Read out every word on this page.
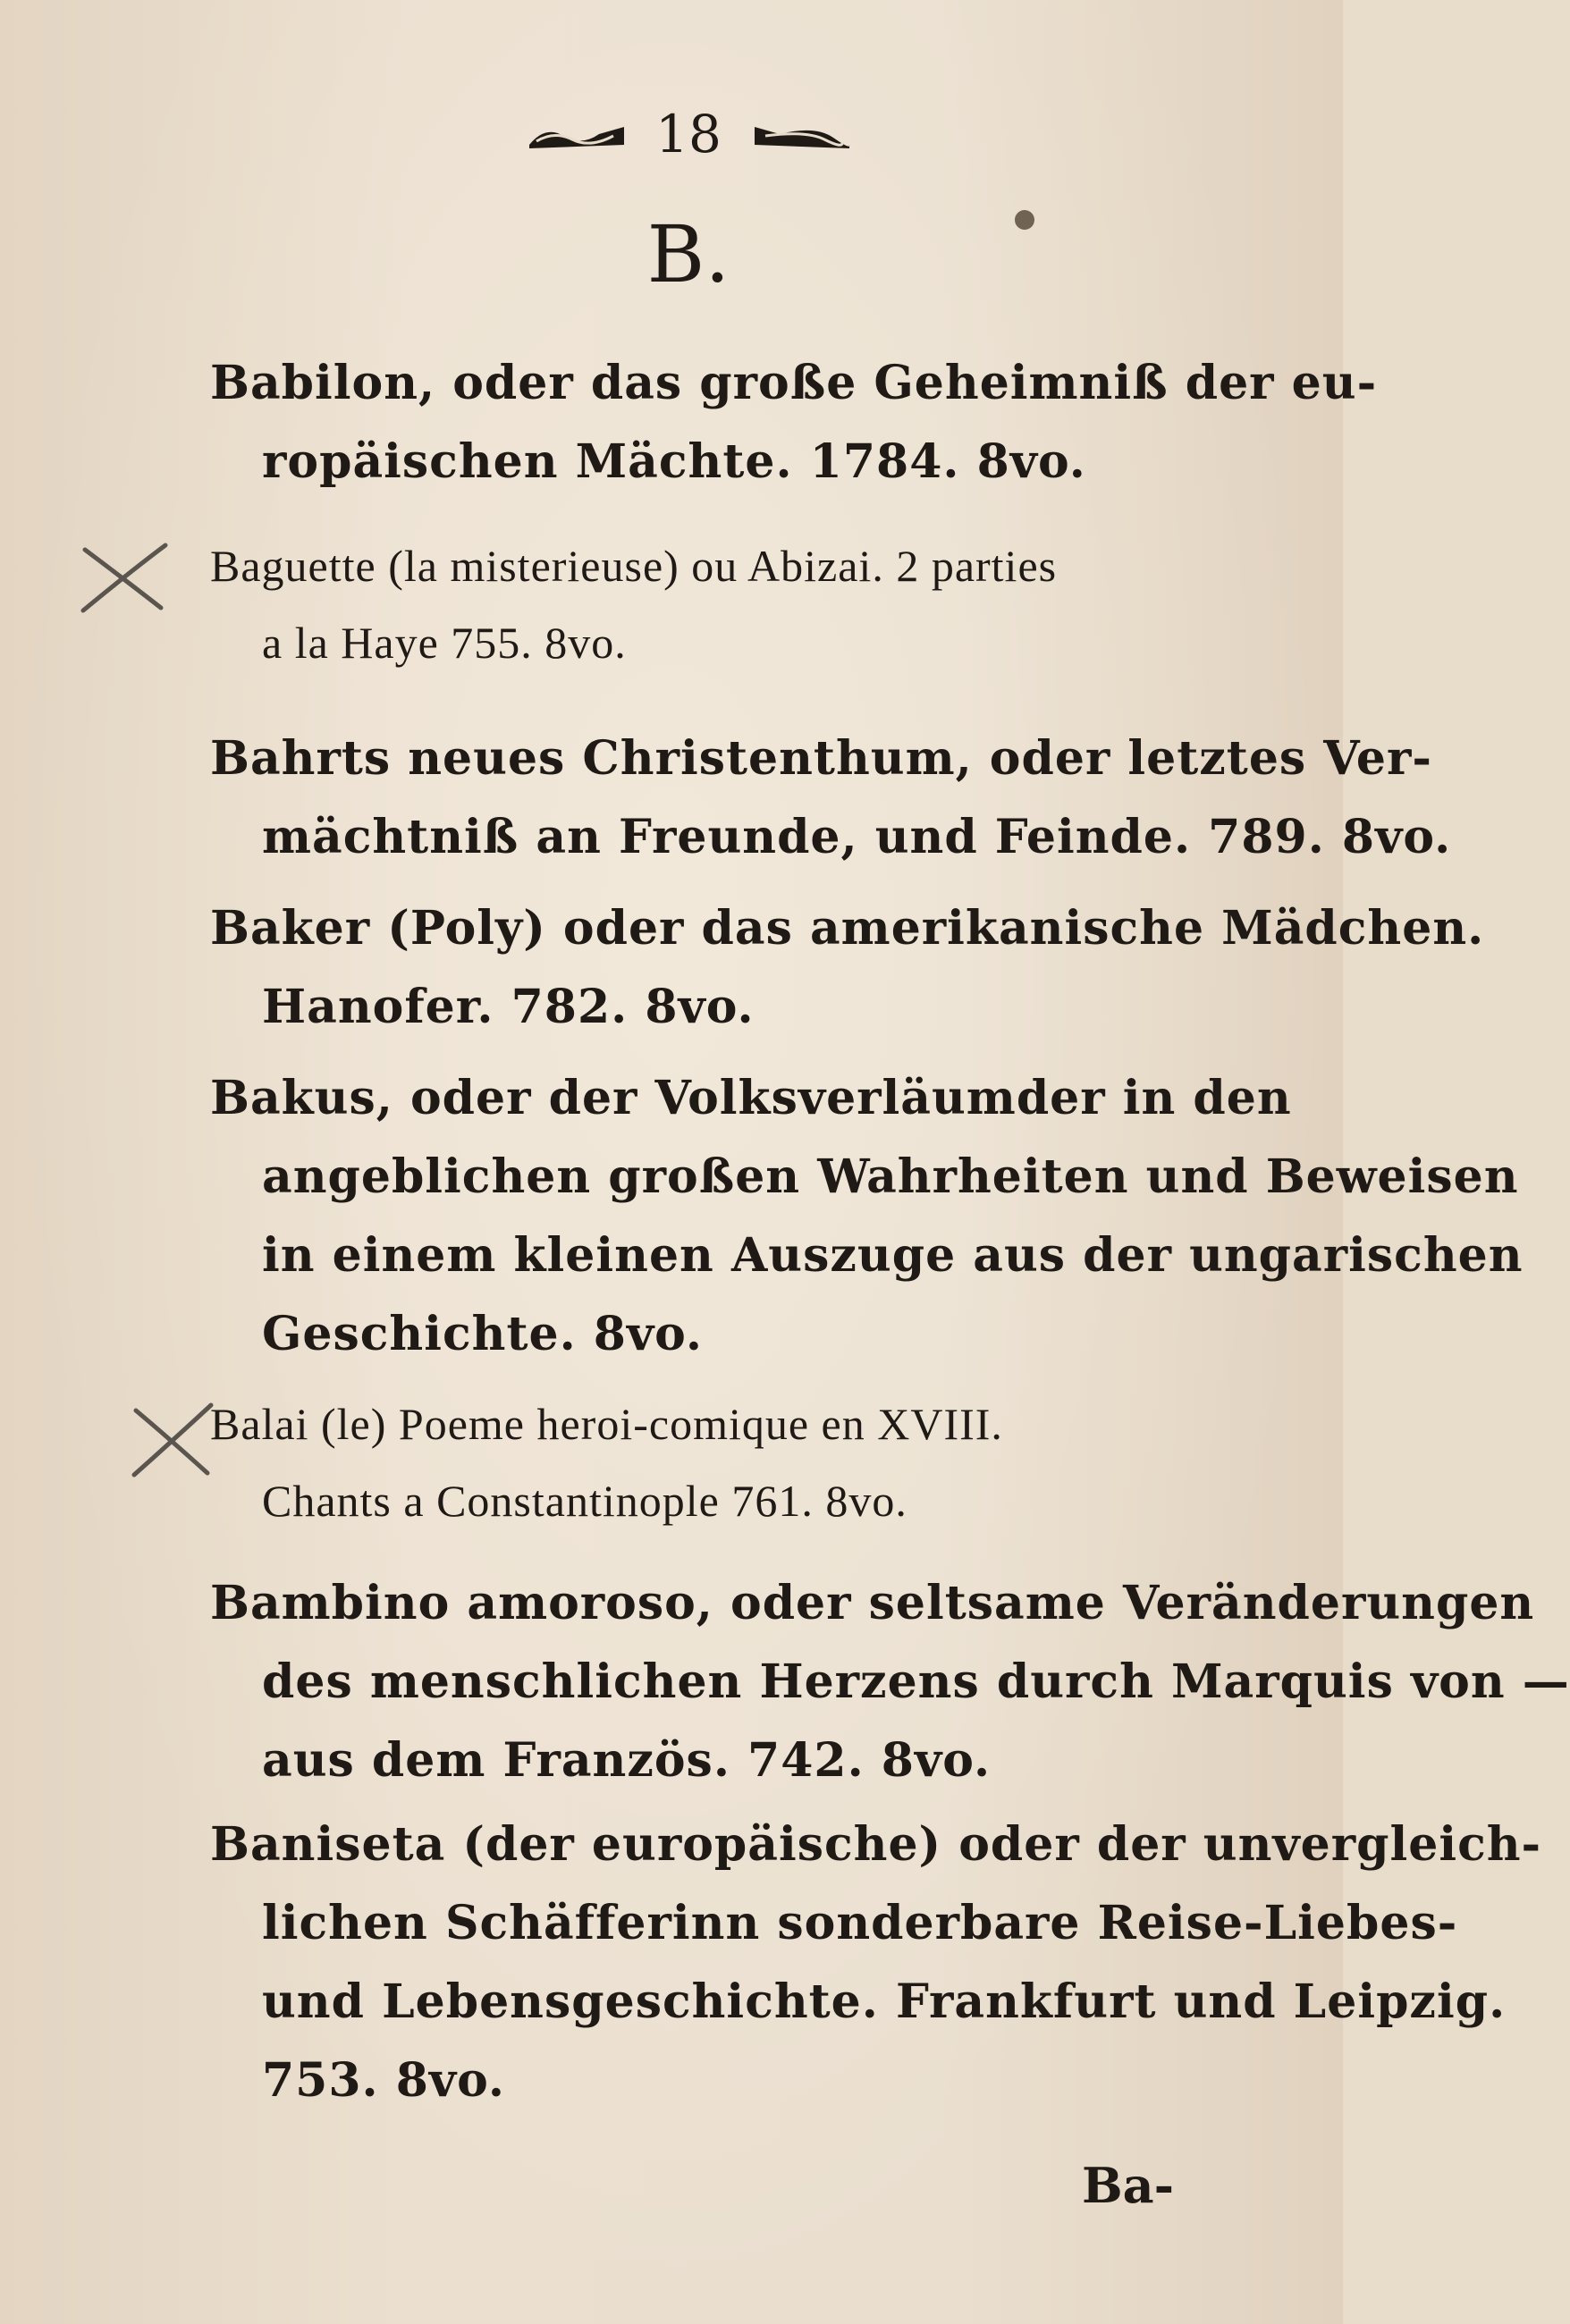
18
B.
Babilon, oder das große Geheimniß der eu-
ropäischen Mächte. 1784. 8vo.
Baguette (la misterieuse) ou Abizai. 2 parties
a la Haye 755. 8vo.
Bahrts neues Christenthum, oder letztes Ver-
mächtniß an Freunde, und Feinde. 789. 8vo.
Baker (Poly) oder das amerikanische Mädchen.
Hanofer. 782. 8vo.
Bakus, oder der Volksverläumder in den
angeblichen großen Wahrheiten und Beweisen
in einem kleinen Auszuge aus der ungarischen
Geschichte. 8vo.
Balai (le) Poeme heroi-comique en XVIII.
Chants a Constantinople 761. 8vo.
Bambino amoroso, oder seltsame Veränderungen
des menschlichen Herzens durch Marquis von —
aus dem Französ. 742. 8vo.
Baniseta (der europäische) oder der unvergleich-
lichen Schäfferinn sonderbare Reise-Liebes-
und Lebensgeschichte. Frankfurt und Leipzig.
753. 8vo.
Ba-
